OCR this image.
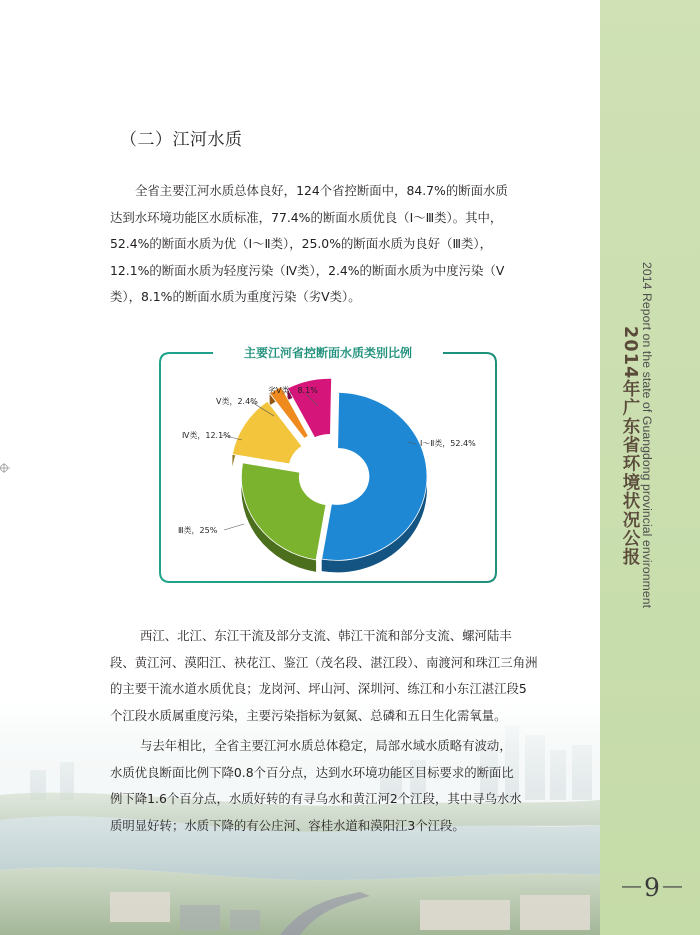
2014 Report on the state of Guangdong provincial environment
2014年广东省环境状况公报
－9－
（二）江河水质
全省主要江河水质总体良好，124个省控断面中，84.7%的断面水质
达到水环境功能区水质标准，77.4%的断面水质优良（Ⅰ～Ⅲ类）。其中，
52.4%的断面水质为优（Ⅰ～Ⅱ类），25.0%的断面水质为良好（Ⅲ类），
12.1%的断面水质为轻度污染（Ⅳ类），2.4%的断面水质为中度污染（Ⅴ
类），8.1%的断面水质为重度污染（劣Ⅴ类）。
Ⅰ～Ⅱ类，52.4%
Ⅲ类，25%
Ⅳ类，12.1%
Ⅴ类，2.4%
劣Ⅴ类，8.1%
主要江河省控断面水质类别比例
西江、北江、东江干流及部分支流、韩江干流和部分支流、螺河陆丰
段、黄江河、漠阳江、袂花江、鉴江（茂名段、湛江段）、南渡河和珠江三角洲
的主要干流水道水质优良；龙岗河、坪山河、深圳河、练江和小东江湛江段5
个江段水质属重度污染，主要污染指标为氨氮、总磷和五日生化需氧量。
与去年相比，全省主要江河水质总体稳定，局部水域水质略有波动，
水质优良断面比例下降0.8个百分点，达到水环境功能区目标要求的断面比
例下降1.6个百分点，水质好转的有寻乌水和黄江河2个江段，其中寻乌水水
质明显好转；水质下降的有公庄河、容桂水道和漠阳江3个江段。
